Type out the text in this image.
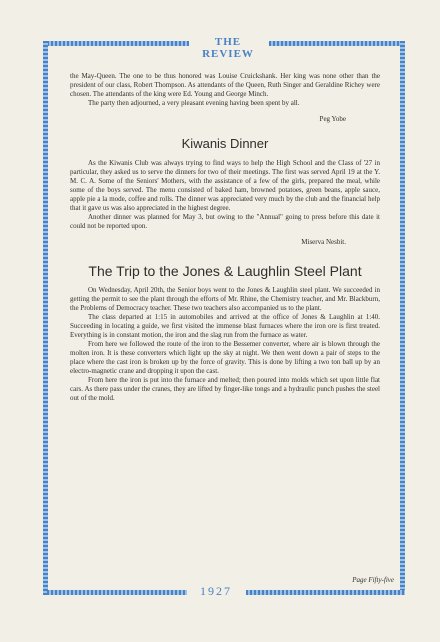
THE REVIEW

the May-Queen. The one to be thus honored was Louise Cruickshank. Her king was none other than the president of our class, Robert Thompson. As attendants of the Queen, Ruth Singer and Geraldine Richey were chosen. The attendants of the king were Ed. Young and George Minch.

The party then adjourned, a very pleasant evening having been spent by all.

Peg Yobe

Kiwanis Dinner

As the Kiwanis Club was always trying to find ways to help the High School and the Class of '27 in particular, they asked us to serve the dinners for two of their meetings. The first was served April 19 at the Y. M. C. A. Some of the Seniors' Mothers, with the assistance of a few of the girls, prepared the meal, while some of the boys served. The menu consisted of baked ham, browned potatoes, green beans, apple sauce, apple pie a la mode, coffee and rolls. The dinner was appreciated very much by the club and the financial help that it gave us was also appreciated in the highest degree.

Another dinner was planned for May 3, but owing to the "Annual" going to press before this date it could not be reported upon.

Miserva Nesbit.

The Trip to the Jones & Laughlin Steel Plant

On Wednesday, April 20th, the Senior boys went to the Jones & Laughlin steel plant. We succeeded in getting the permit to see the plant through the efforts of Mr. Rhine, the Chemistry teacher, and Mr. Blackburn, the Problems of Democracy teacher. These two teachers also accompanied us to the plant.

The class departed at 1:15 in automobiles and arrived at the office of Jones & Laughlin at 1:40. Succeeding in locating a guide, we first visited the immense blast furnaces where the iron ore is first treated. Everything is in constant motion, the iron and the slag run from the furnace as water.

From here we followed the route of the iron to the Bessemer converter, where air is blown through the molten iron. It is these converters which light up the sky at night. We then went down a pair of steps to the place where the cast iron is broken up by the force of gravity. This is done by lifting a two ton ball up by an electro-magnetic crane and dropping it upon the cast.

From here the iron is put into the furnace and melted; then poured into molds which set upon little flat cars. As there pass under the cranes, they are lifted by finger-like tongs and a hydraulic punch pushes the steel out of the mold.

Page Fifty-five
1927
